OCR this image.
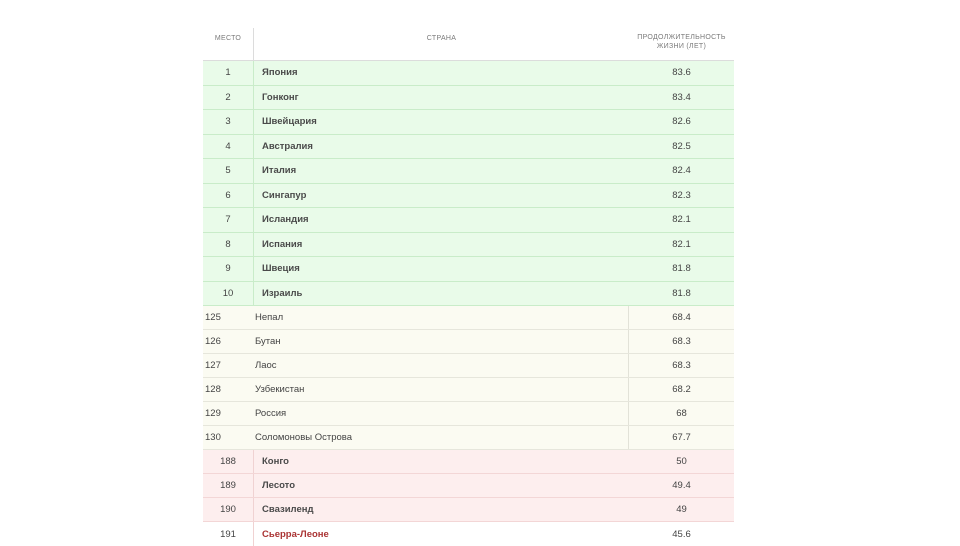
МЕСТО	СТРАНА	ПРОДОЛЖИТЕЛЬНОСТЬ ЖИЗНИ (ЛЕТ)
1	Япония	83.6
2	Гонконг	83.4
3	Швейцария	82.6
4	Австралия	82.5
5	Италия	82.4
6	Сингапур	82.3
7	Исландия	82.1
8	Испания	82.1
9	Швеция	81.8
10	Израиль	81.8
125	Непал	68.4
126	Бутан	68.3
127	Лаос	68.3
128	Узбекистан	68.2
129	Россия	68
130	Соломоновы Острова	67.7
188	Конго	50
189	Лесото	49.4
190	Свазиленд	49
191	Сьерра-Леоне	45.6
